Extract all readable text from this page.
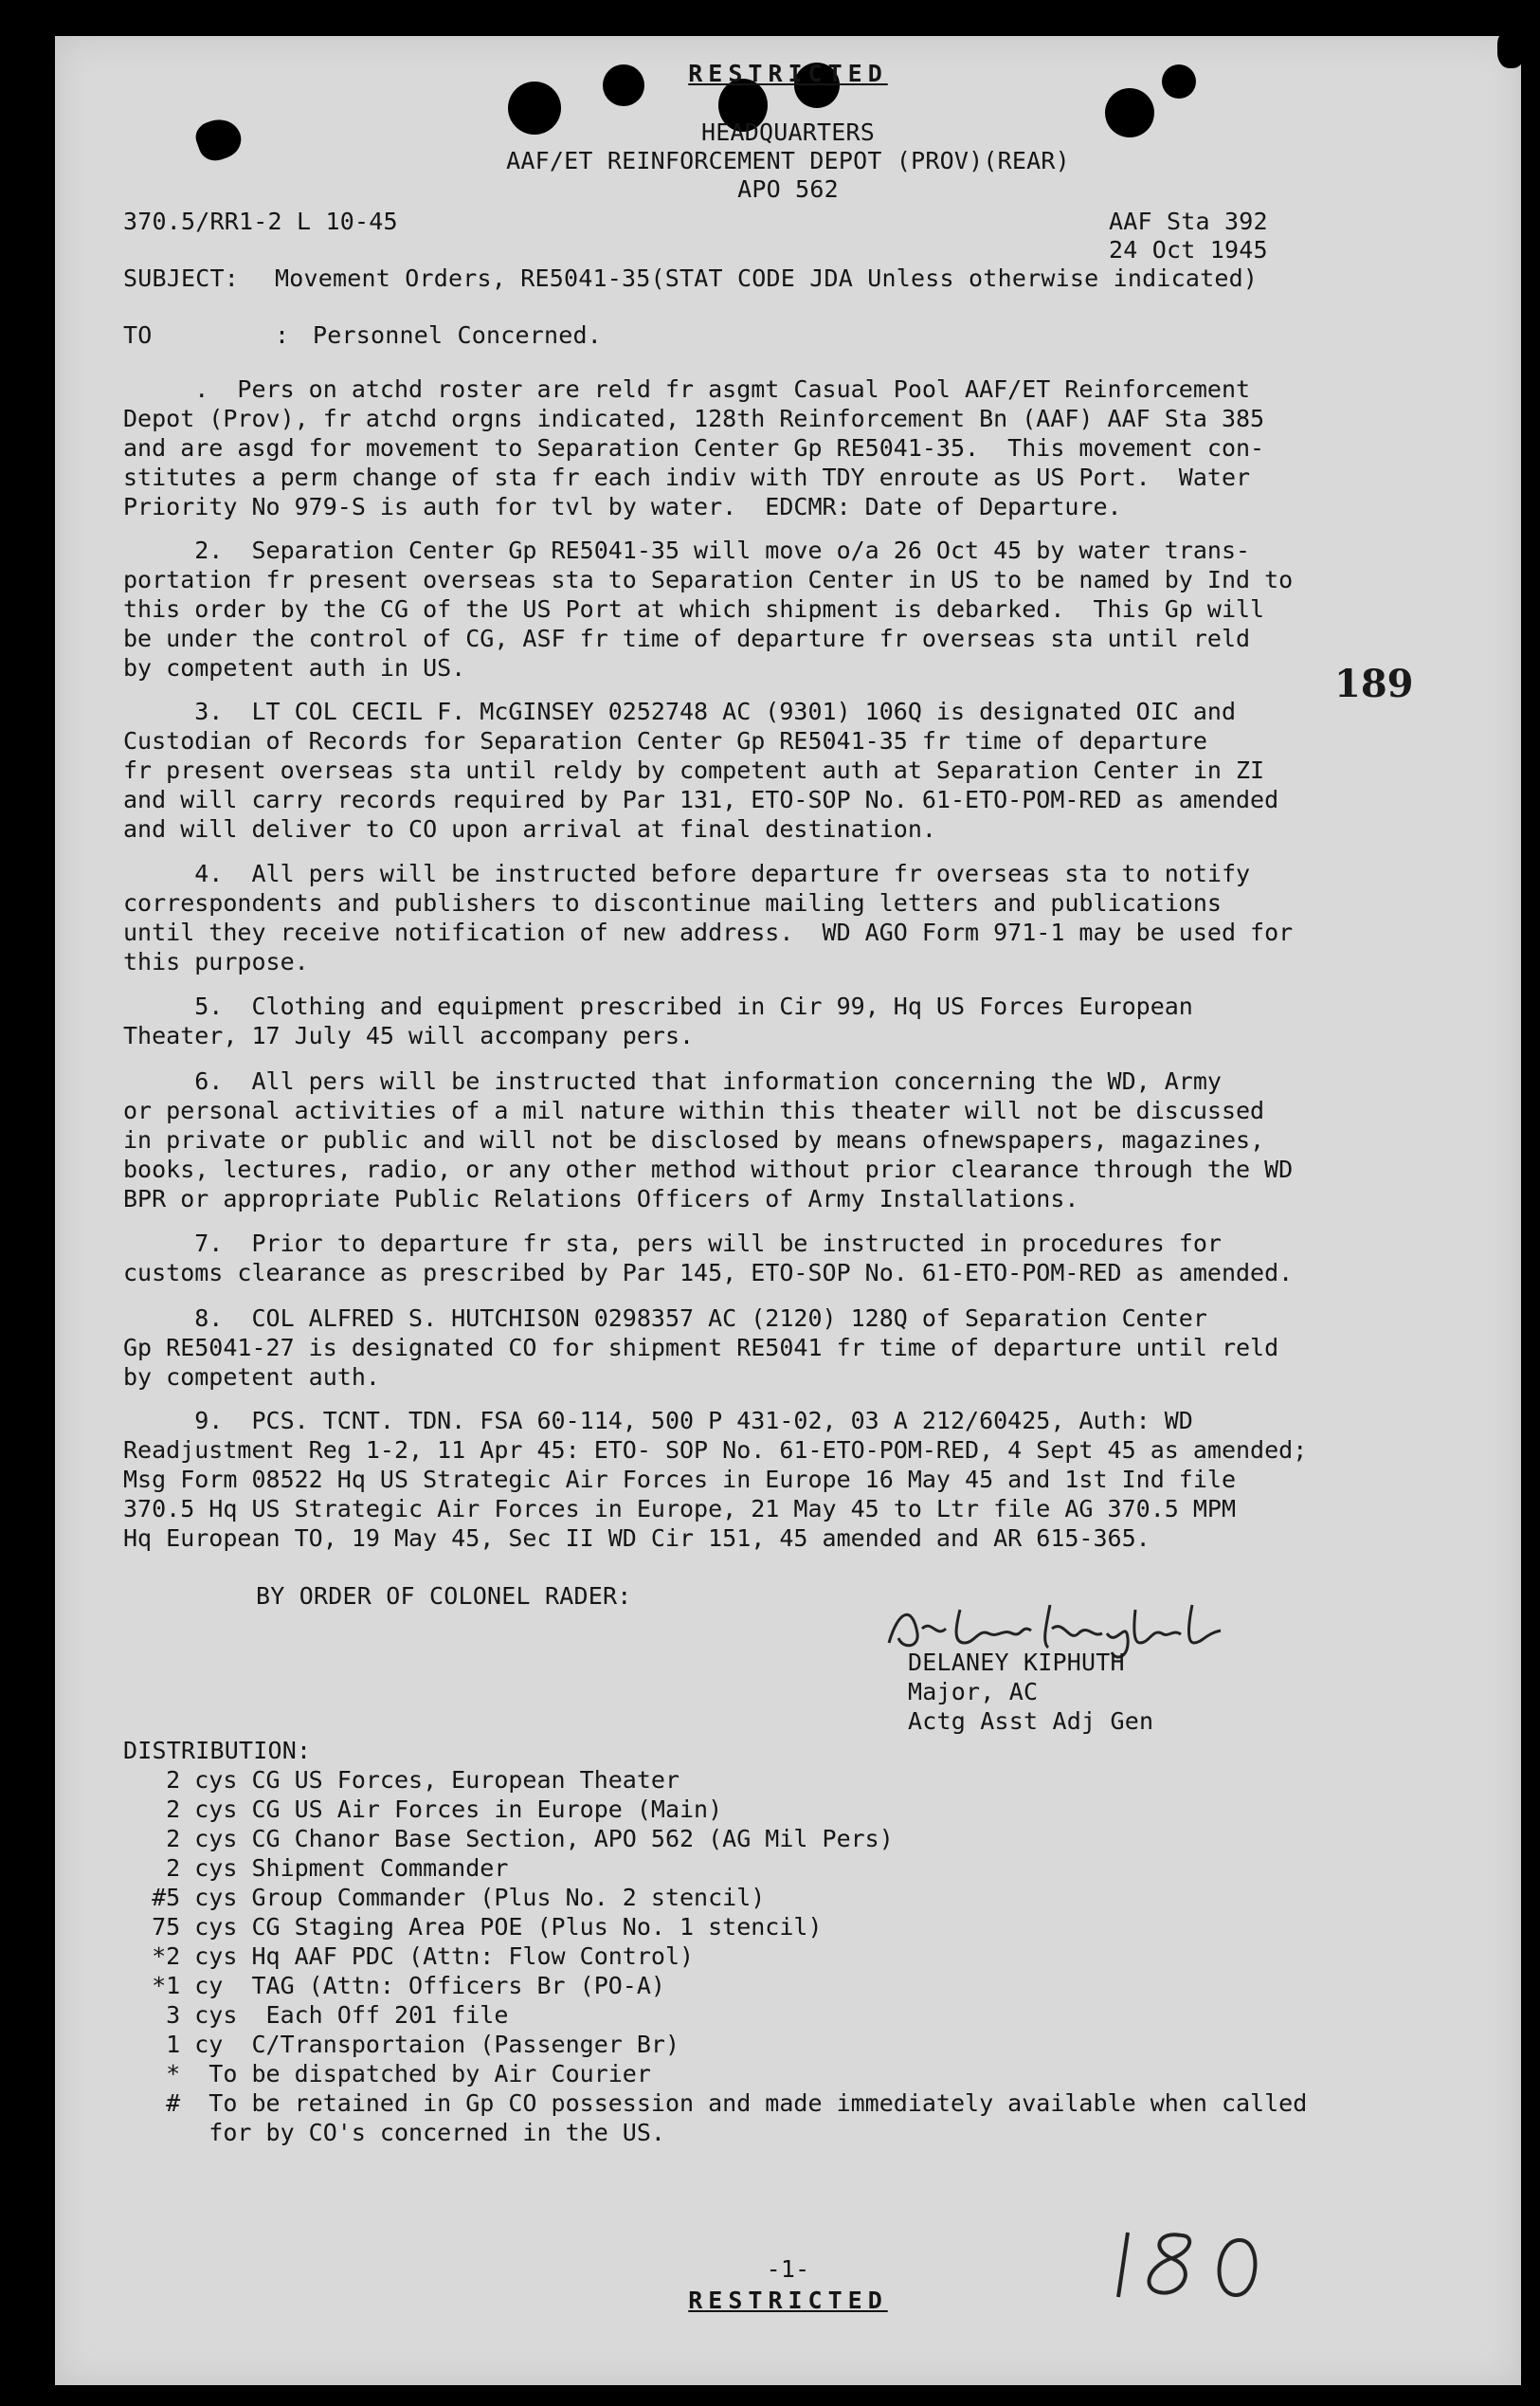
RESTRICTED
HEADQUARTERS
AAF/ET REINFORCEMENT DEPOT (PROV)(REAR)
APO 562
370.5/RR1-2 L 10-45	AAF Sta 392
24 Oct 1945
SUBJECT: Movement Orders, RE5041-35(STAT CODE JDA Unless otherwise indicated)
TO	: Personnel Concerned.
.  Pers on atchd roster are reld fr asgmt Casual Pool AAF/ET Reinforcement
Depot (Prov), fr atchd orgns indicated, 128th Reinforcement Bn (AAF) AAF Sta 385
and are asgd for movement to Separation Center Gp RE5041-35.  This movement con-
stitutes a perm change of sta fr each indiv with TDY enroute as US Port.  Water
Priority No 979-S is auth for tvl by water.  EDCMR: Date of Departure.
2.  Separation Center Gp RE5041-35 will move o/a 26 Oct 45 by water trans-
portation fr present overseas sta to Separation Center in US to be named by Ind to
this order by the CG of the US Port at which shipment is debarked.  This Gp will
be under the control of CG, ASF fr time of departure fr overseas sta until reld
by competent auth in US.	189
3.  LT COL CECIL F. McGINSEY 0252748 AC (9301) 106Q is designated OIC and
Custodian of Records for Separation Center Gp RE5041-35 fr time of departure
fr present overseas sta until reldy by competent auth at Separation Center in ZI
and will carry records required by Par 131, ETO-SOP No. 61-ETO-POM-RED as amended
and will deliver to CO upon arrival at final destination.
4.  All pers will be instructed before departure fr overseas sta to notify
correspondents and publishers to discontinue mailing letters and publications
until they receive notification of new address.  WD AGO Form 971-1 may be used for
this purpose.
5.  Clothing and equipment prescribed in Cir 99, Hq US Forces European
Theater, 17 July 45 will accompany pers.
6.  All pers will be instructed that information concerning the WD, Army
or personal activities of a mil nature within this theater will not be discussed
in private or public and will not be disclosed by means ofnewspapers, magazines,
books, lectures, radio, or any other method without prior clearance through the WD
BPR or appropriate Public Relations Officers of Army Installations.
7.  Prior to departure fr sta, pers will be instructed in procedures for
customs clearance as prescribed by Par 145, ETO-SOP No. 61-ETO-POM-RED as amended.
8.  COL ALFRED S. HUTCHISON 0298357 AC (2120) 128Q of Separation Center
Gp RE5041-27 is designated CO for shipment RE5041 fr time of departure until reld
by competent auth.
9.  PCS. TCNT. TDN. FSA 60-114, 500 P 431-02, 03 A 212/60425, Auth: WD
Readjustment Reg 1-2, 11 Apr 45: ETO- SOP No. 61-ETO-POM-RED, 4 Sept 45 as amended;
Msg Form 08522 Hq US Strategic Air Forces in Europe 16 May 45 and 1st Ind file
370.5 Hq US Strategic Air Forces in Europe, 21 May 45 to Ltr file AG 370.5 MPM
Hq European TO, 19 May 45, Sec II WD Cir 151, 45 amended and AR 615-365.
BY ORDER OF COLONEL RADER:
DELANEY KIPHUTH
Major, AC
Actg Asst Adj Gen
DISTRIBUTION:
2 cys CG US Forces, European Theater
2 cys CG US Air Forces in Europe (Main)
2 cys CG Chanor Base Section, APO 562 (AG Mil Pers)
2 cys Shipment Commander
#5 cys Group Commander (Plus No. 2 stencil)
75 cys CG Staging Area POE (Plus No. 1 stencil)
*2 cys Hq AAF PDC (Attn: Flow Control)
*1 cy  TAG (Attn: Officers Br (PO-A)
3 cys  Each Off 201 file
1 cy  C/Transportaion (Passenger Br)
*  To be dispatched by Air Courier
#  To be retained in Gp CO possession and made immediately available when called
for by CO's concerned in the US.
-1-
RESTRICTED
